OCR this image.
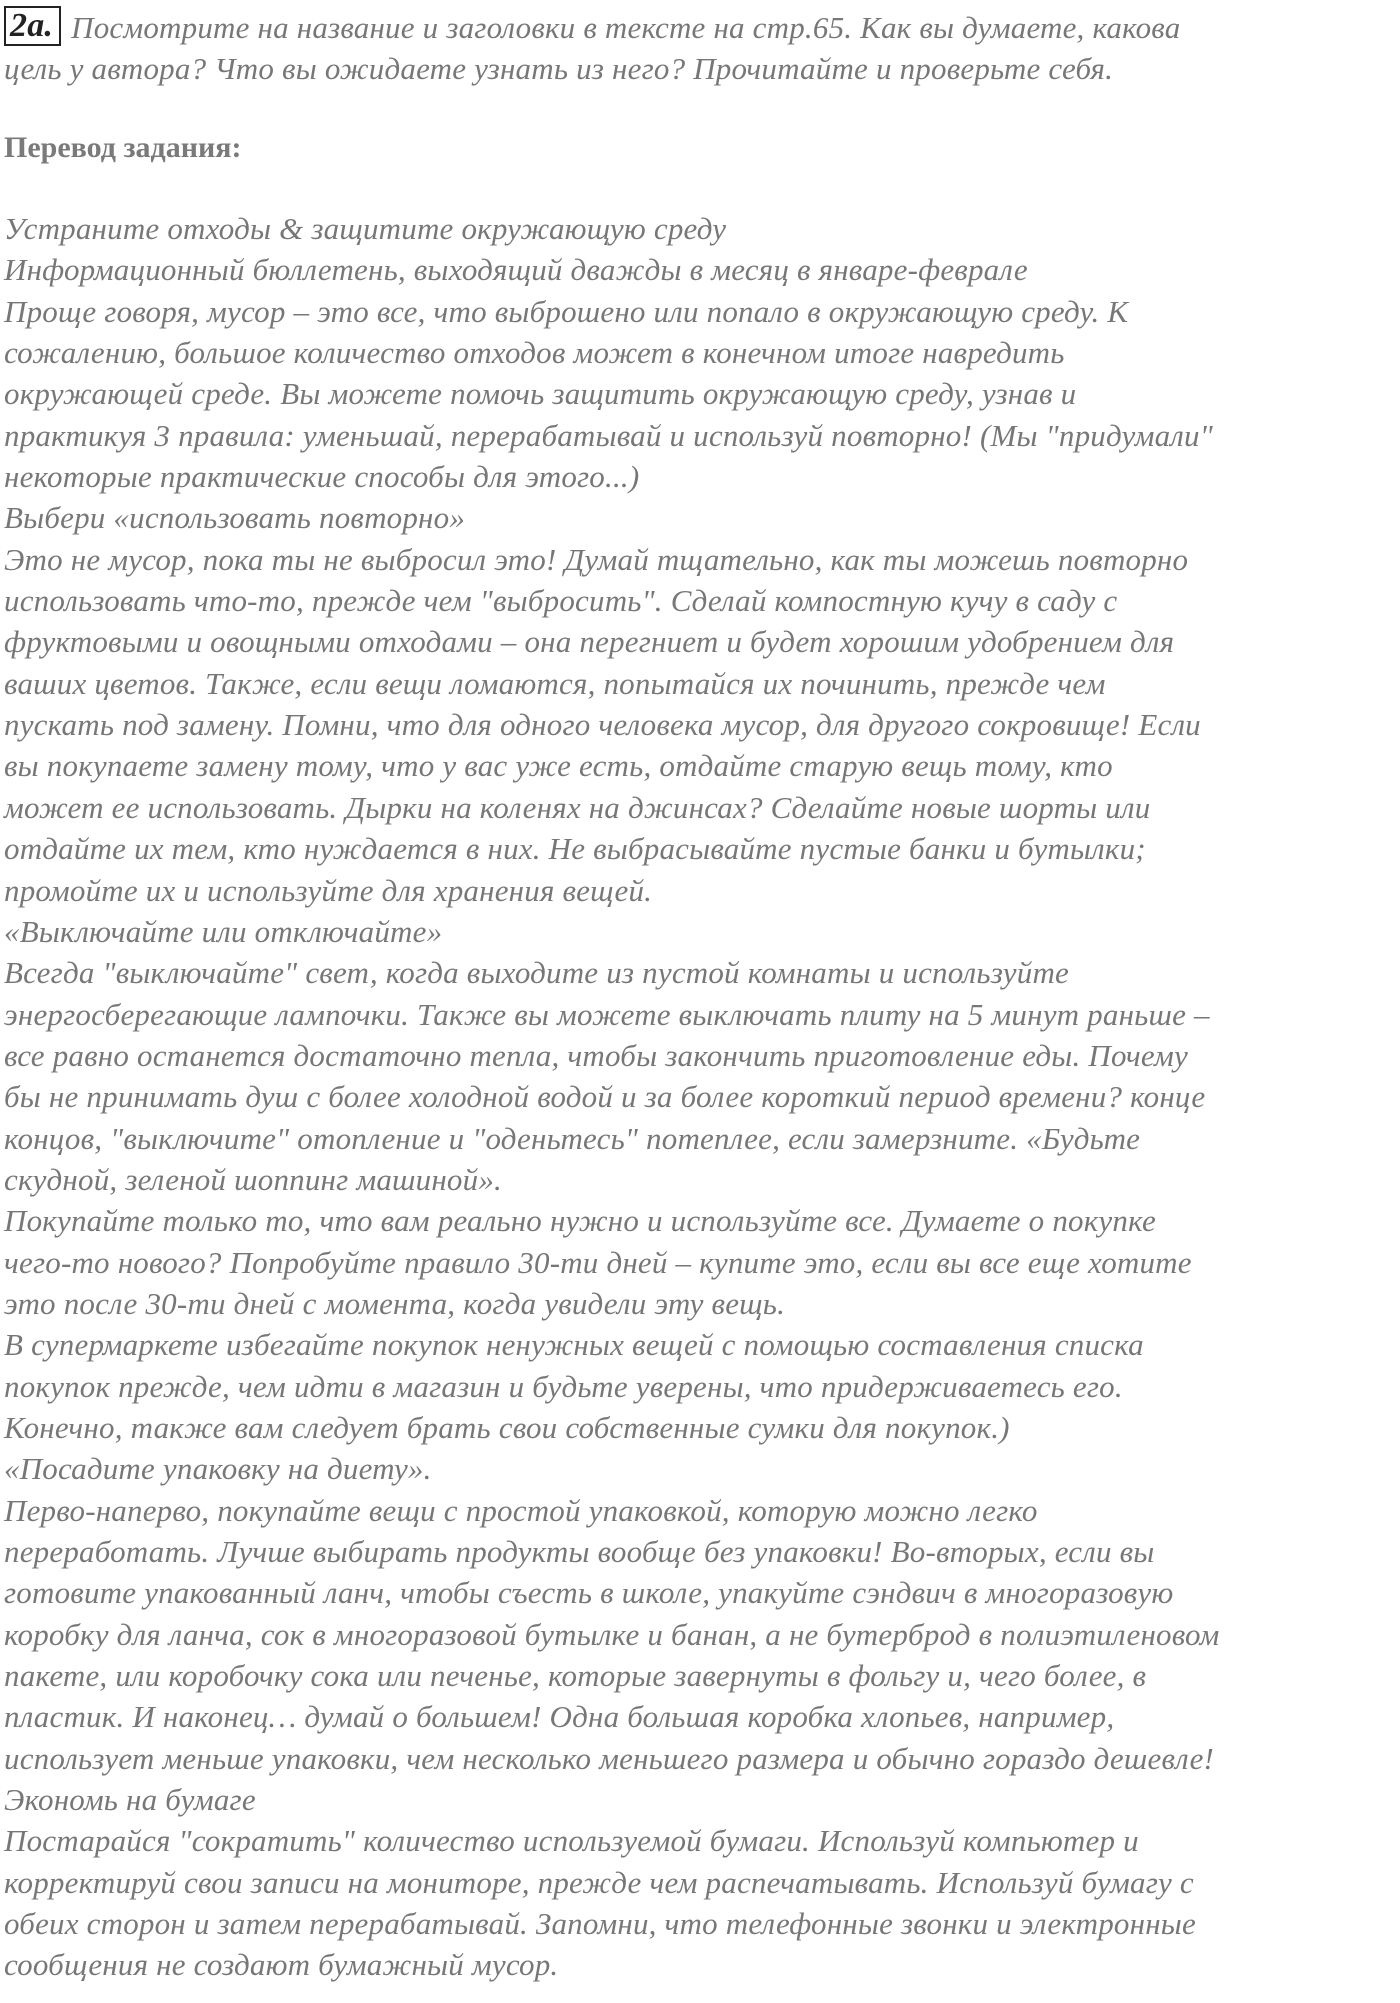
2a. Посмотрите на название и заголовки в тексте на стр.65. Как вы думаете, какова

цель у автора? Что вы ожидаете узнать из него? Прочитайте и проверьте себя.

Перевод задания:

Устраните отходы & защитите окружающую среду

Информационный бюллетень, выходящий дважды в месяц в январе-феврале

Проще говоря, мусор – это все, что выброшено или попало в окружающую среду. К

сожалению, большое количество отходов может в конечном итоге навредить

окружающей среде. Вы можете помочь защитить окружающую среду, узнав и

практикуя 3 правила: уменьшай, перерабатывай и используй повторно! (Мы "придумали"

некоторые практические способы для этого...)

Выбери «использовать повторно»

Это не мусор, пока ты не выбросил это! Думай тщательно, как ты можешь повторно

использовать что-то, прежде чем "выбросить". Сделай компостную кучу в саду с

фруктовыми и овощными отходами – она перегниет и будет хорошим удобрением для

ваших цветов. Также, если вещи ломаются, попытайся их починить, прежде чем

пускать под замену. Помни, что для одного человека мусор, для другого сокровище! Если

вы покупаете замену тому, что у вас уже есть, отдайте старую вещь тому, кто

может ее использовать. Дырки на коленях на джинсах? Сделайте новые шорты или

отдайте их тем, кто нуждается в них. Не выбрасывайте пустые банки и бутылки;

промойте их и используйте для хранения вещей.

«Выключайте или отключайте»

Всегда "выключайте" свет, когда выходите из пустой комнаты и используйте

энергосберегающие лампочки. Также вы можете выключать плиту на 5 минут раньше –

все равно останется достаточно тепла, чтобы закончить приготовление еды. Почему

бы не принимать душ с более холодной водой и за более короткий период времени? конце

концов, "выключите" отопление и "оденьтесь" потеплее, если замерзните. «Будьте

скудной, зеленой шоппинг машиной».

Покупайте только то, что вам реально нужно и используйте все. Думаете о покупке

чего-то нового? Попробуйте правило 30-ти дней – купите это, если вы все еще хотите

это после 30-ти дней с момента, когда увидели эту вещь.

В супермаркете избегайте покупок ненужных вещей с помощью составления списка

покупок прежде, чем идти в магазин и будьте уверены, что придерживаетесь его.

Конечно, также вам следует брать свои собственные сумки для покупок.)

«Посадите упаковку на диету».

Перво-наперво, покупайте вещи с простой упаковкой, которую можно легко

переработать. Лучше выбирать продукты вообще без упаковки! Во-вторых, если вы

готовите упакованный ланч, чтобы съесть в школе, упакуйте сэндвич в многоразовую

коробку для ланча, сок в многоразовой бутылке и банан, а не бутерброд в полиэтиленовом

пакете, или коробочку сока или печенье, которые завернуты в фольгу и, чего более, в

пластик. И наконец… думай о большем! Одна большая коробка хлопьев, например,

использует меньше упаковки, чем несколько меньшего размера и обычно гораздо дешевле!

Экономь на бумаге

Постарайся "сократить" количество используемой бумаги. Используй компьютер и

корректируй свои записи на мониторе, прежде чем распечатывать. Используй бумагу с

обеих сторон и затем перерабатывай. Запомни, что телефонные звонки и электронные

сообщения не создают бумажный мусор.
